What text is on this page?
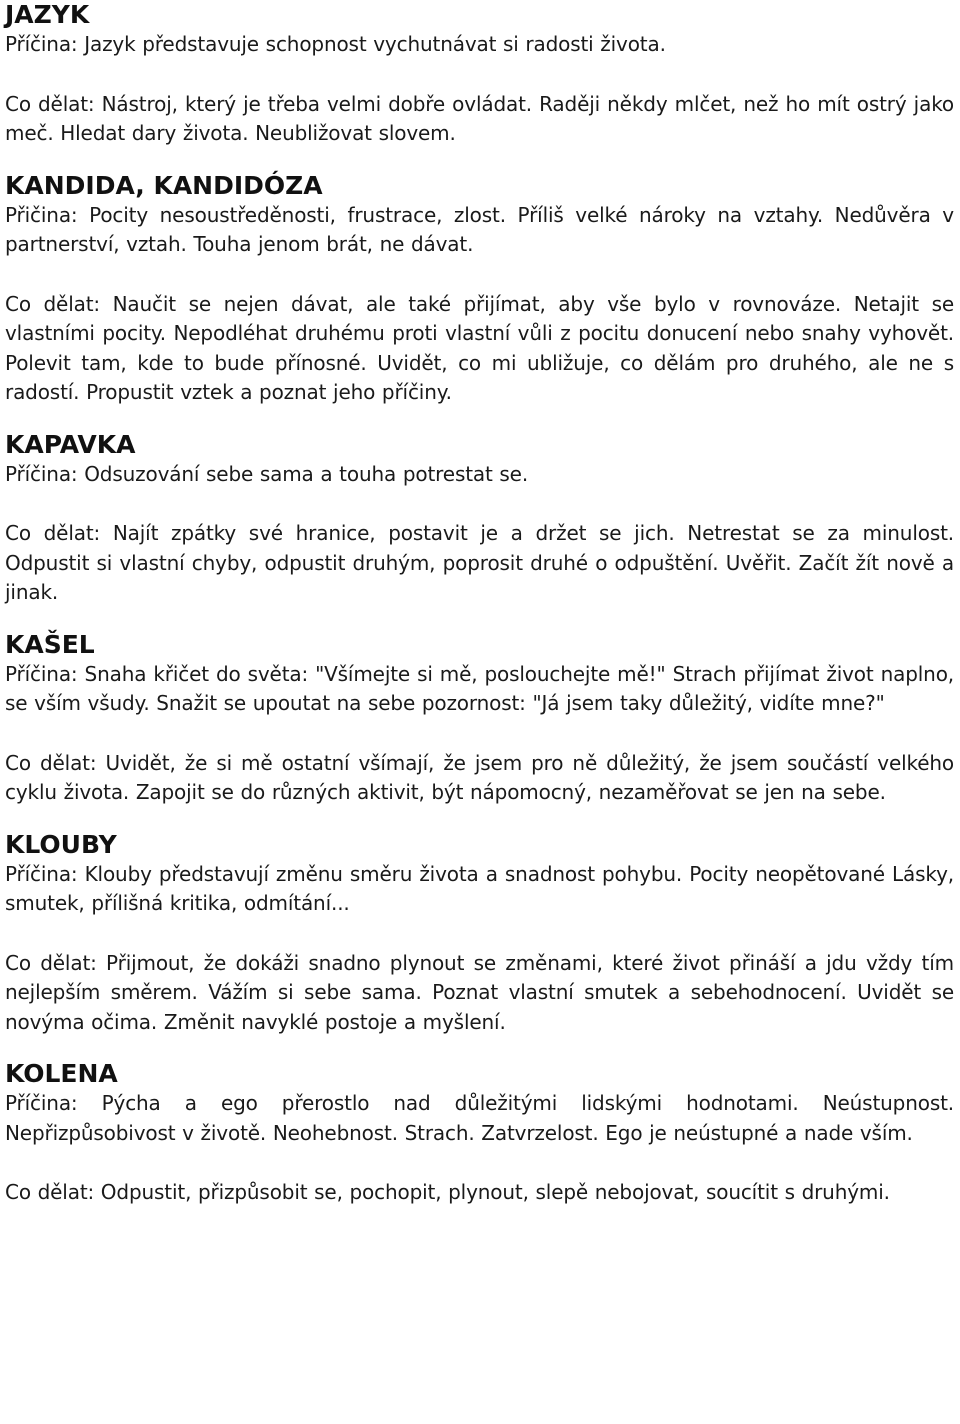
JAZYK

Příčina: Jazyk představuje schopnost vychutnávat si radosti života.

Co dělat: Nástroj, který je třeba velmi dobře ovládat. Raději někdy mlčet, než ho mít ostrý jako meč. Hledat dary života. Neubližovat slovem.

KANDIDA, KANDIDÓZA

Přičina: Pocity nesoustředěnosti, frustrace, zlost. Příliš velké nároky na vztahy. Nedůvěra v partnerství, vztah. Touha jenom brát, ne dávat.

Co dělat: Naučit se nejen dávat, ale také přijímat, aby vše bylo v rovnováze. Netajit se vlastními pocity. Nepodléhat druhému proti vlastní vůli z pocitu donucení nebo snahy vyhovět. Polevit tam, kde to bude přínosné. Uvidět, co mi ubližuje, co dělám pro druhého, ale ne s radostí. Propustit vztek a poznat jeho příčiny.

KAPAVKA

Příčina: Odsuzování sebe sama a touha potrestat se.

Co dělat: Najít zpátky své hranice, postavit je a držet se jich. Netrestat se za minulost. Odpustit si vlastní chyby, odpustit druhým, poprosit druhé o odpuštění. Uvěřit. Začít žít nově a jinak.

KAŠEL

Příčina: Snaha křičet do světa: "Všímejte si mě, poslouchejte mě!" Strach přijímat život naplno, se vším všudy. Snažit se upoutat na sebe pozornost: "Já jsem taky důležitý, vidíte mne?"

Co dělat: Uvidět, že si mě ostatní všímají, že jsem pro ně důležitý, že jsem součástí velkého cyklu života. Zapojit se do různých aktivit, být nápomocný, nezaměřovat se jen na sebe.

KLOUBY

Příčina: Klouby představují změnu směru života a snadnost pohybu. Pocity neopětované Lásky, smutek, přílišná kritika, odmítání...

Co dělat: Přijmout, že dokáži snadno plynout se změnami, které život přináší a jdu vždy tím nejlepším směrem. Vážím si sebe sama. Poznat vlastní smutek a sebehodnocení. Uvidět se novýma očima. Změnit navyklé postoje a myšlení.

KOLENA

Příčina: Pýcha a ego přerostlo nad důležitými lidskými hodnotami. Neústupnost. Nepřizpůsobivost v životě. Neohebnost. Strach. Zatvrzelost. Ego je neústupné a nade vším.

Co dělat: Odpustit, přizpůsobit se, pochopit, plynout, slepě nebojovat, soucítit s druhými.
